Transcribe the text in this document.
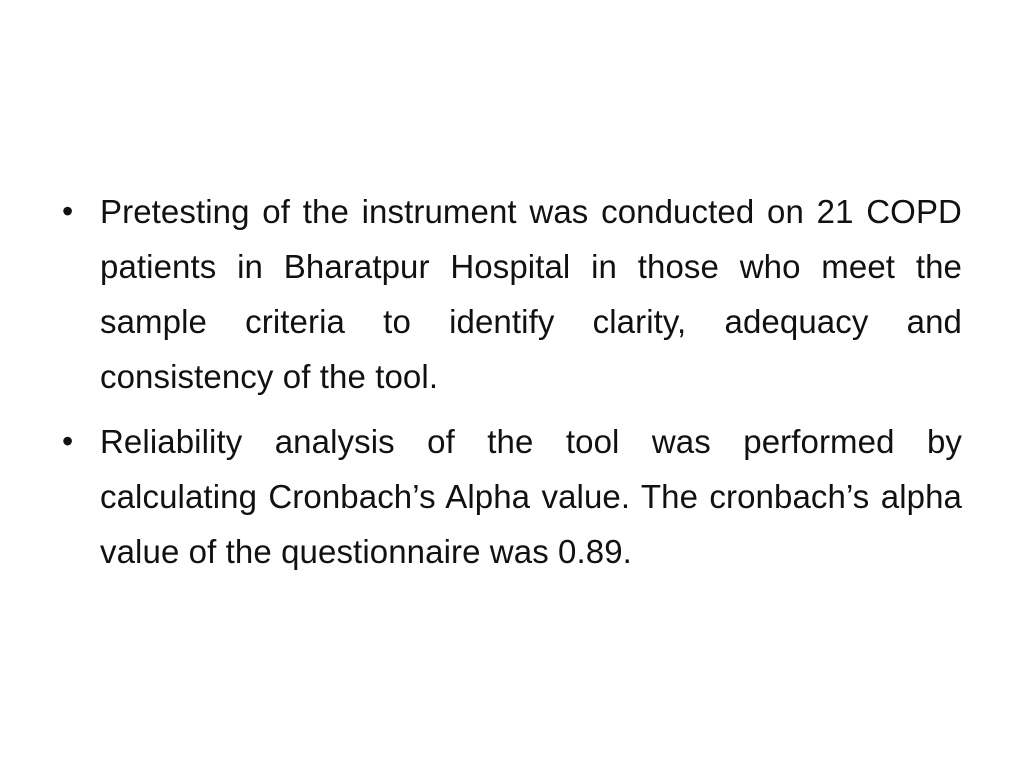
• Pretesting of the instrument was conducted on 21 COPD patients in Bharatpur Hospital in those who meet the sample criteria to identify clarity, adequacy and consistency of the tool.
• Reliability analysis of the tool was performed by calculating Cronbach’s Alpha value. The cronbach’s alpha value of the questionnaire was 0.89.
